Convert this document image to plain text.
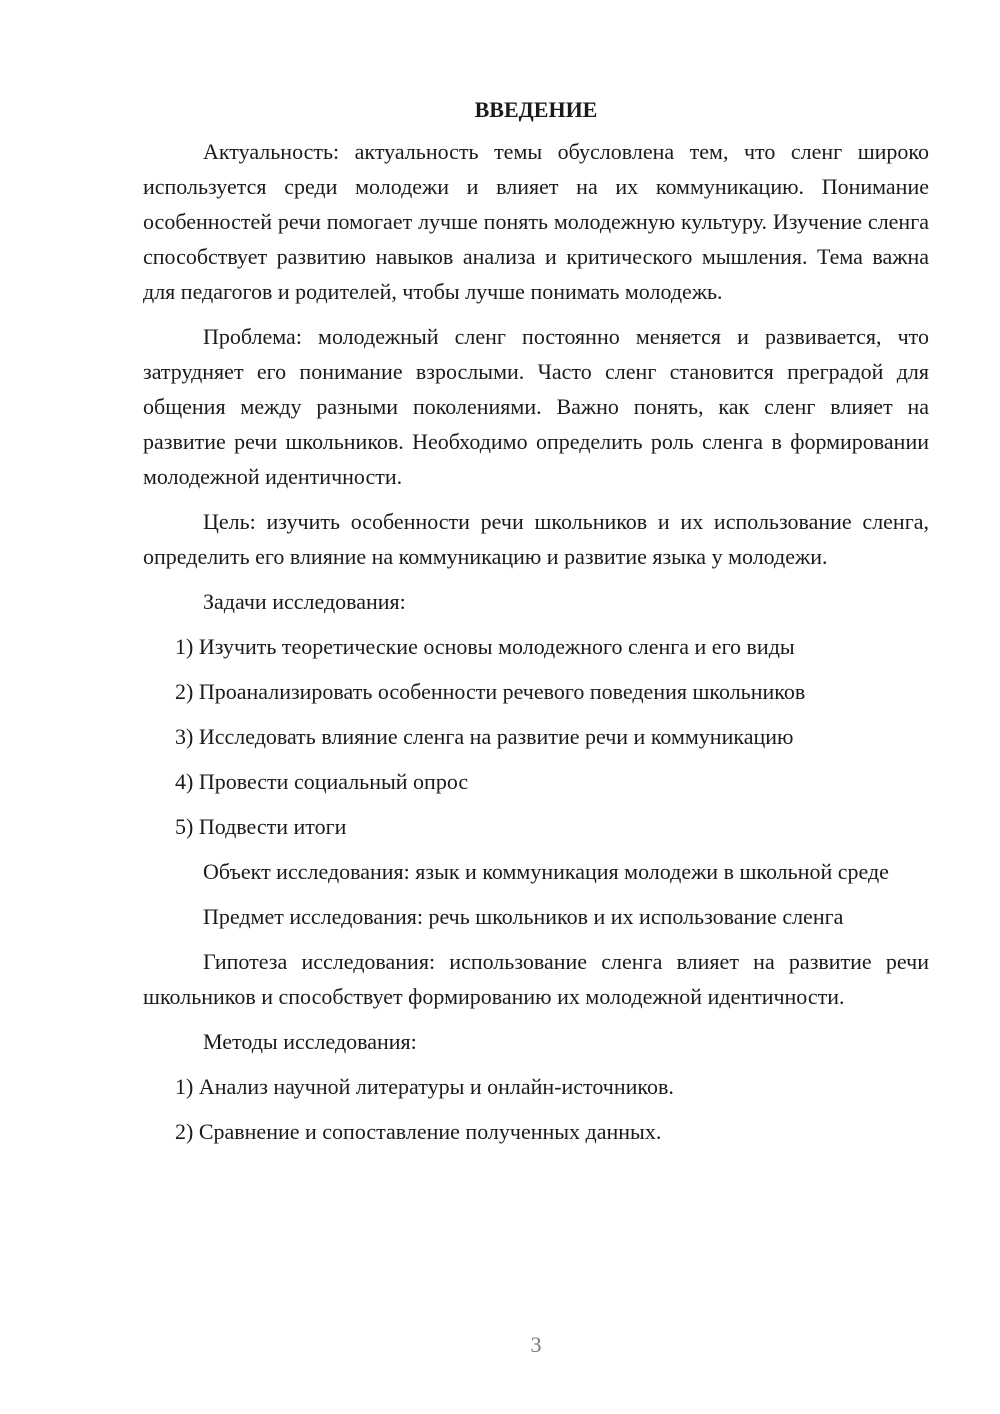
ВВЕДЕНИЕ

Актуальность: актуальность темы обусловлена тем, что сленг широко используется среди молодежи и влияет на их коммуникацию. Понимание особенностей речи помогает лучше понять молодежную культуру. Изучение сленга способствует развитию навыков анализа и критического мышления. Тема важна для педагогов и родителей, чтобы лучше понимать молодежь.

Проблема: молодежный сленг постоянно меняется и развивается, что затрудняет его понимание взрослыми. Часто сленг становится преградой для общения между разными поколениями. Важно понять, как сленг влияет на развитие речи школьников. Необходимо определить роль сленга в формировании молодежной идентичности.

Цель: изучить особенности речи школьников и их использование сленга, определить его влияние на коммуникацию и развитие языка у молодежи.

Задачи исследования:

1) Изучить теоретические основы молодежного сленга и его виды
2) Проанализировать особенности речевого поведения школьников
3) Исследовать влияние сленга на развитие речи и коммуникацию
4) Провести социальный опрос
5) Подвести итоги

Объект исследования: язык и коммуникация молодежи в школьной среде

Предмет исследования: речь школьников и их использование сленга

Гипотеза исследования: использование сленга влияет на развитие речи школьников и способствует формированию их молодежной идентичности.

Методы исследования:

1) Анализ научной литературы и онлайн-источников.
2) Сравнение и сопоставление полученных данных.
3
